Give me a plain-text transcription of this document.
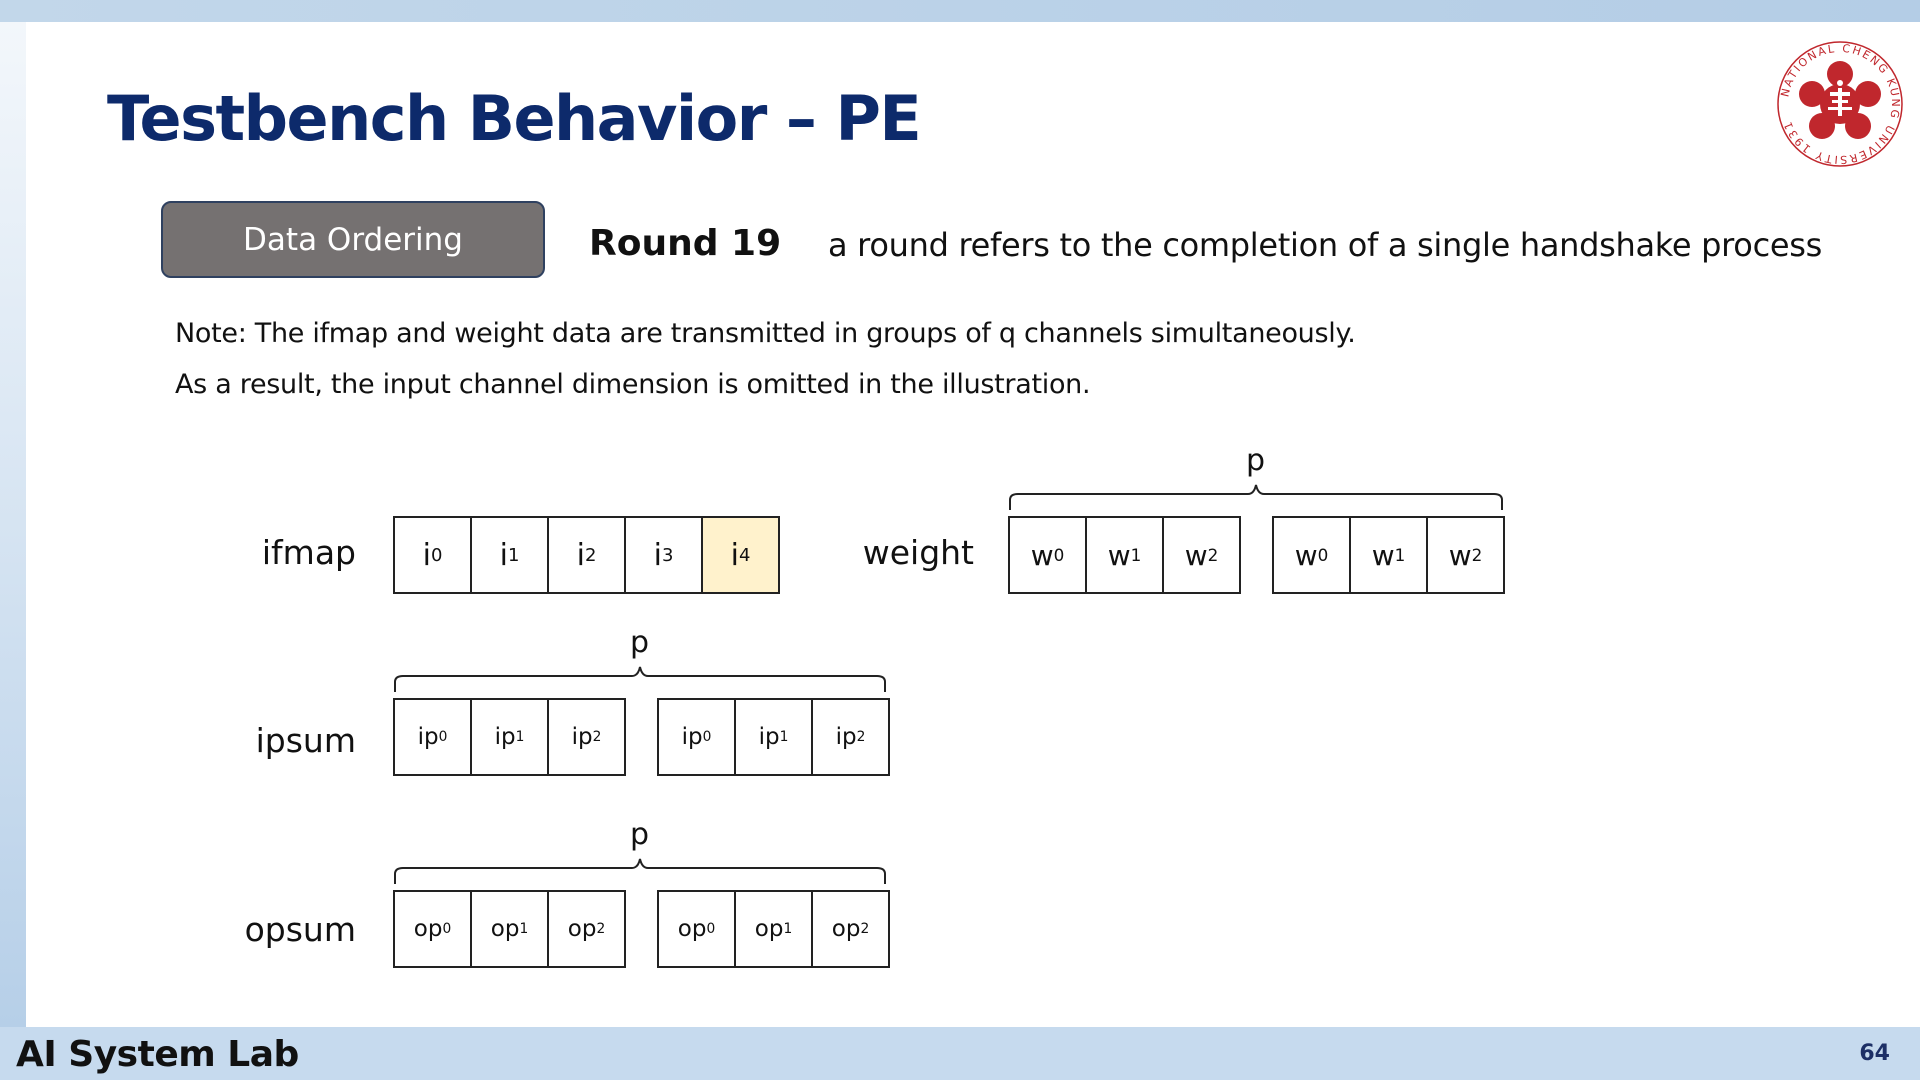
Testbench Behavior – PE	NATIONAL CHENG KUNG UNIVERSITY 1931
Data Ordering	Round 19 a round refers to the completion of a single handshake process
Note: The ifmap and weight data are transmitted in groups of q channels simultaneously.
As a result, the input channel dimension is omitted in the illustration.
ifmap i 0 i 1 i 2 i 3 i 4	weight
p
w 0 w 1 w 2	w 0 w 1 w 2
ipsum
p
ip 0 ip 1 ip 2	ip 0 ip 1 ip 2
opsum
p
op 0 op 1 op 2	op 0 op 1 op 2
AI System Lab	64
